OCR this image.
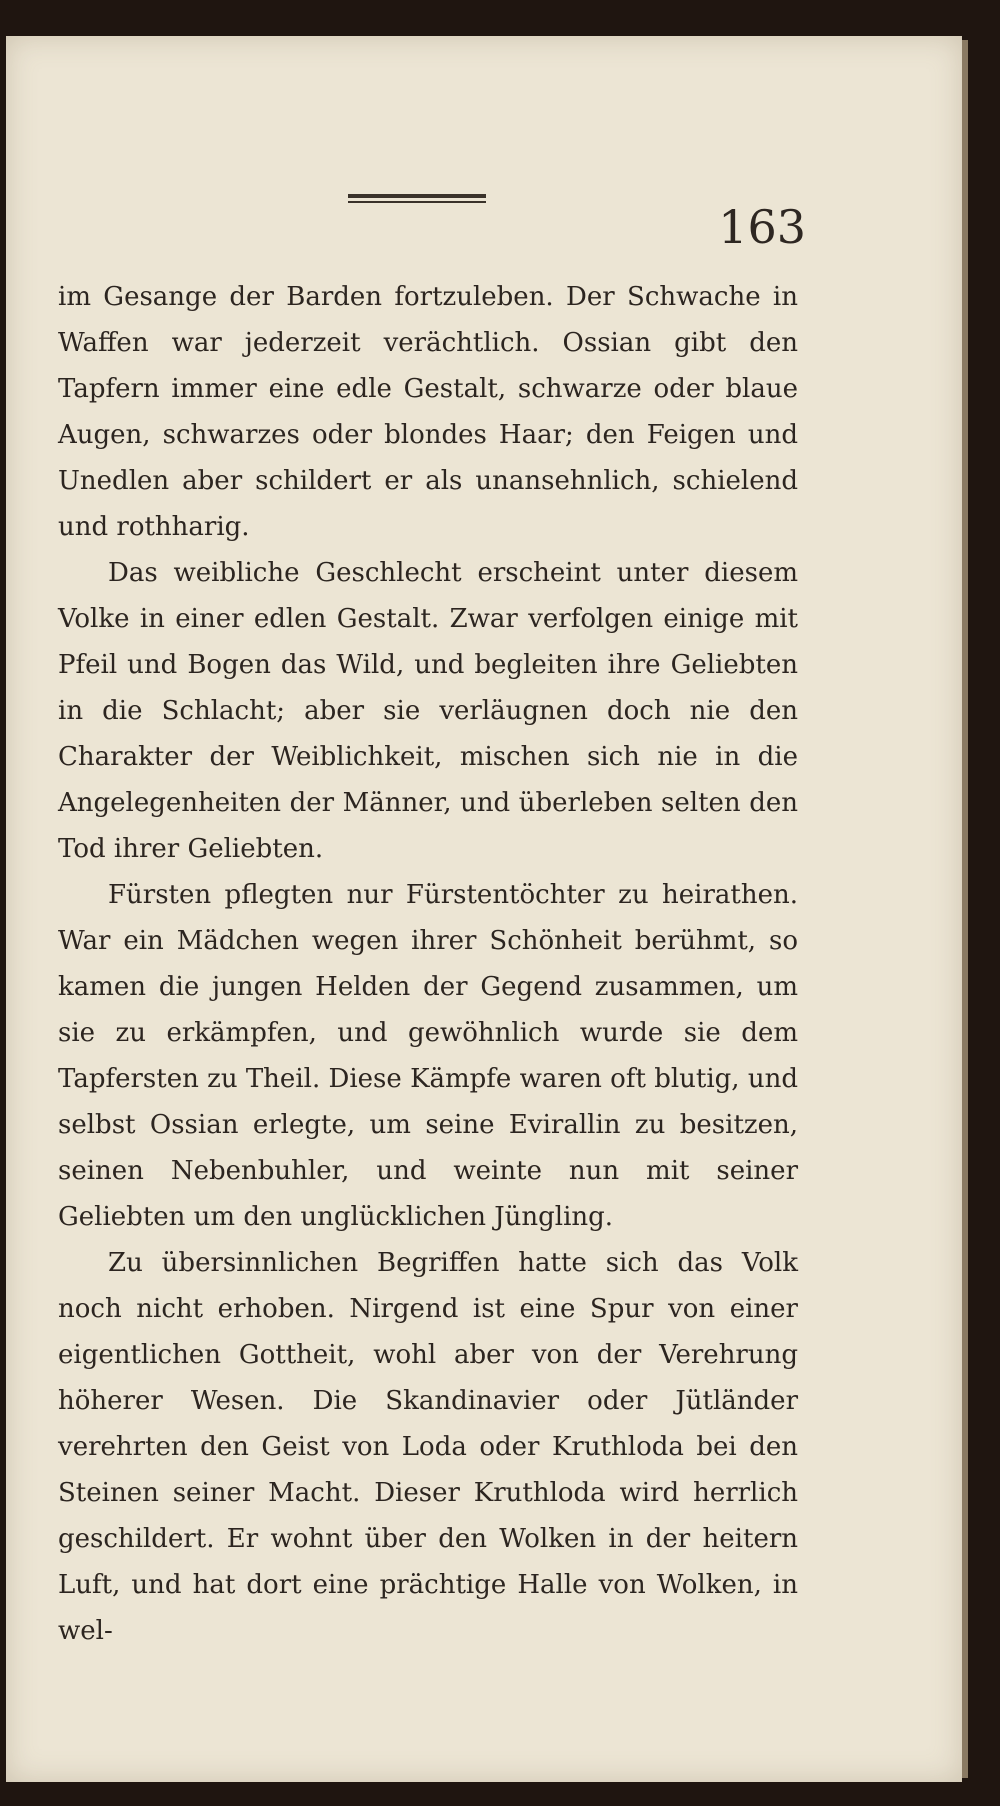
163

im Gesange der Barden fortzuleben. Der Schwache in Waffen war jederzeit verächtlich. Ossian gibt den Tapfern immer eine edle Gestalt, schwarze oder blaue Augen, schwarzes oder blondes Haar; den Feigen und Unedlen aber schildert er als unansehnlich, schielend und rothharig.

Das weibliche Geschlecht erscheint unter diesem Volke in einer edlen Gestalt. Zwar verfolgen einige mit Pfeil und Bogen das Wild, und begleiten ihre Geliebten in die Schlacht; aber sie verläugnen doch nie den Charakter der Weiblichkeit, mischen sich nie in die Angelegenheiten der Männer, und überleben selten den Tod ihrer Geliebten.

Fürsten pflegten nur Fürstentöchter zu heirathen. War ein Mädchen wegen ihrer Schönheit berühmt, so kamen die jungen Helden der Gegend zusammen, um sie zu erkämpfen, und gewöhnlich wurde sie dem Tapfersten zu Theil. Diese Kämpfe waren oft blutig, und selbst Ossian erlegte, um seine Evirallin zu besitzen, seinen Nebenbuhler, und weinte nun mit seiner Geliebten um den unglücklichen Jüngling.

Zu übersinnlichen Begriffen hatte sich das Volk noch nicht erhoben. Nirgend ist eine Spur von einer eigentlichen Gottheit, wohl aber von der Verehrung höherer Wesen. Die Skandinavier oder Jütländer verehrten den Geist von Loda oder Kruthloda bei den Steinen seiner Macht. Dieser Kruthloda wird herrlich geschildert. Er wohnt über den Wolken in der heitern Luft, und hat dort eine prächtige Halle von Wolken, in wel-
